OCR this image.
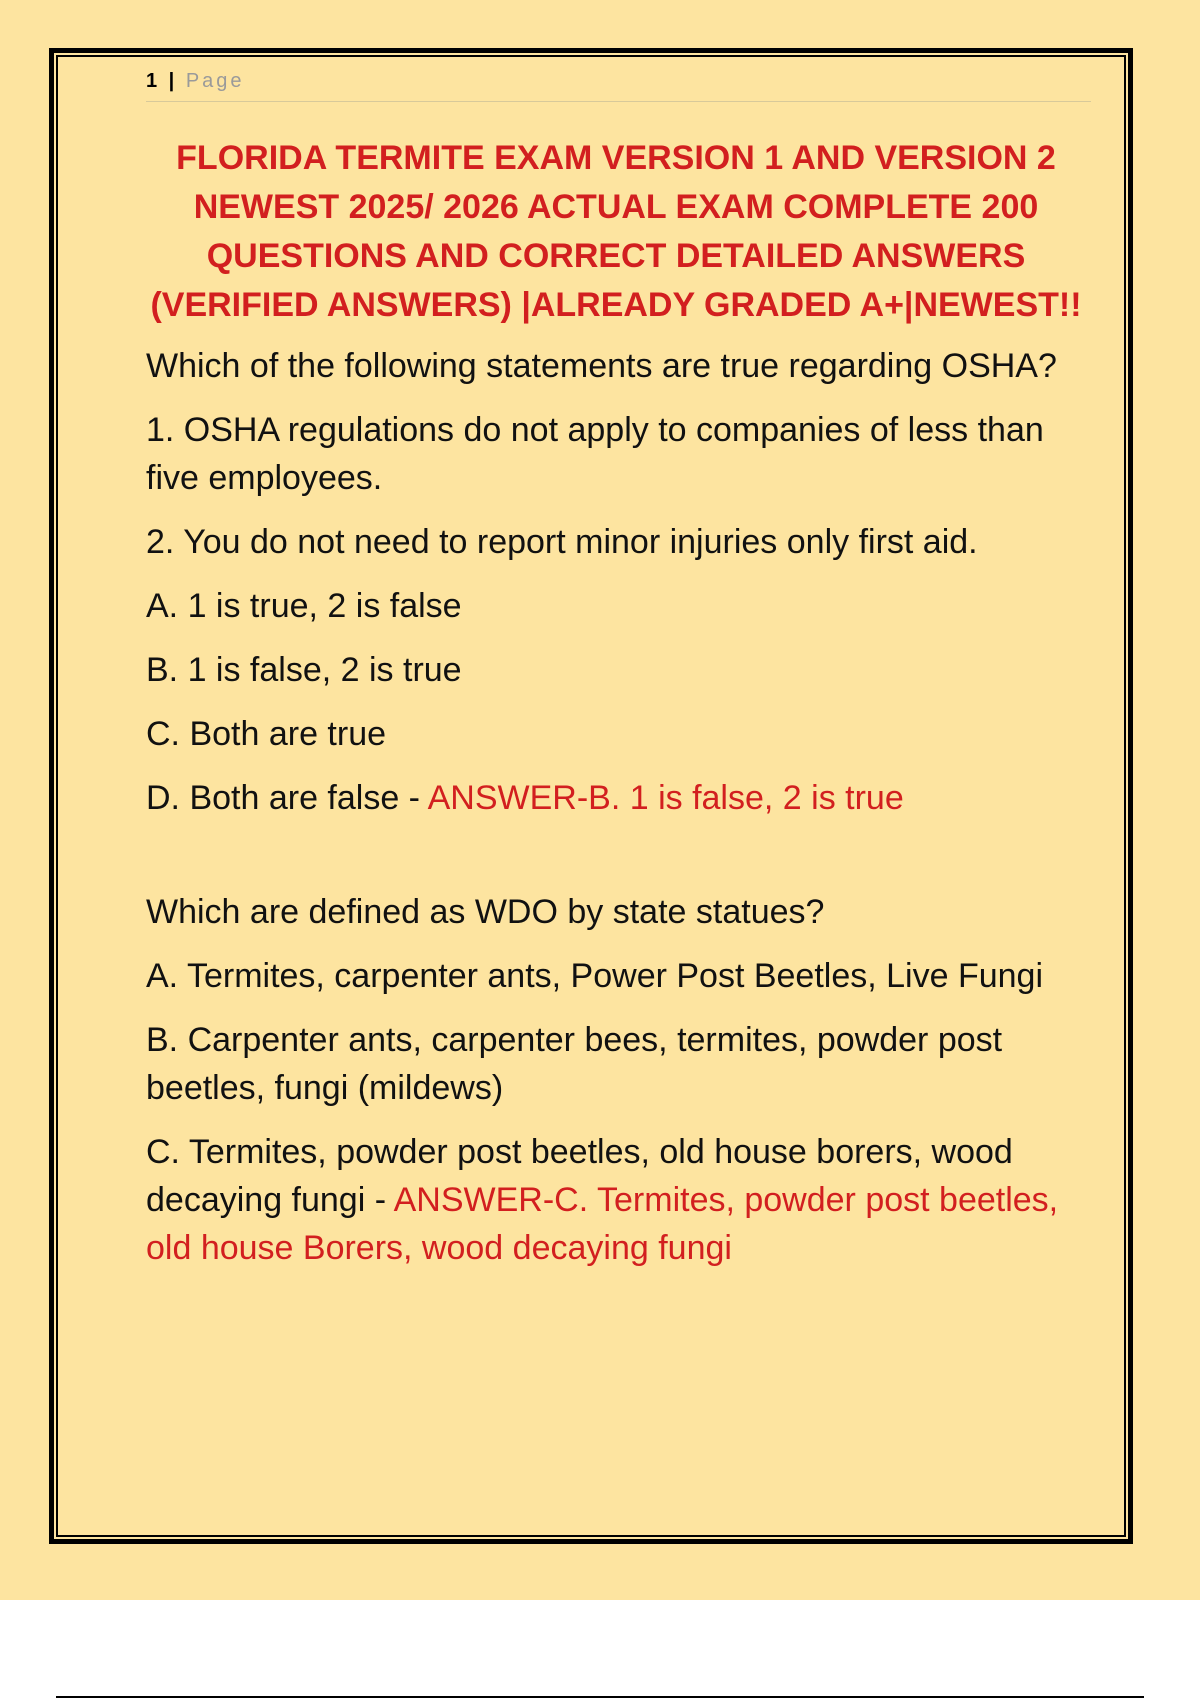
1 | Page
FLORIDA TERMITE EXAM VERSION 1 AND VERSION 2 NEWEST 2025/ 2026 ACTUAL EXAM COMPLETE 200 QUESTIONS AND CORRECT DETAILED ANSWERS (VERIFIED ANSWERS) |ALREADY GRADED A+|NEWEST!!

Which of the following statements are true regarding OSHA?

1. OSHA regulations do not apply to companies of less than five employees.

2. You do not need to report minor injuries only first aid.

A. 1 is true, 2 is false

B. 1 is false, 2 is true

C. Both are true

D. Both are false - ANSWER-B. 1 is false, 2 is true

Which are defined as WDO by state statues?

A. Termites, carpenter ants, Power Post Beetles, Live Fungi

B. Carpenter ants, carpenter bees, termites, powder post beetles, fungi (mildews)

C. Termites, powder post beetles, old house borers, wood decaying fungi - ANSWER-C. Termites, powder post beetles, old house Borers, wood decaying fungi
